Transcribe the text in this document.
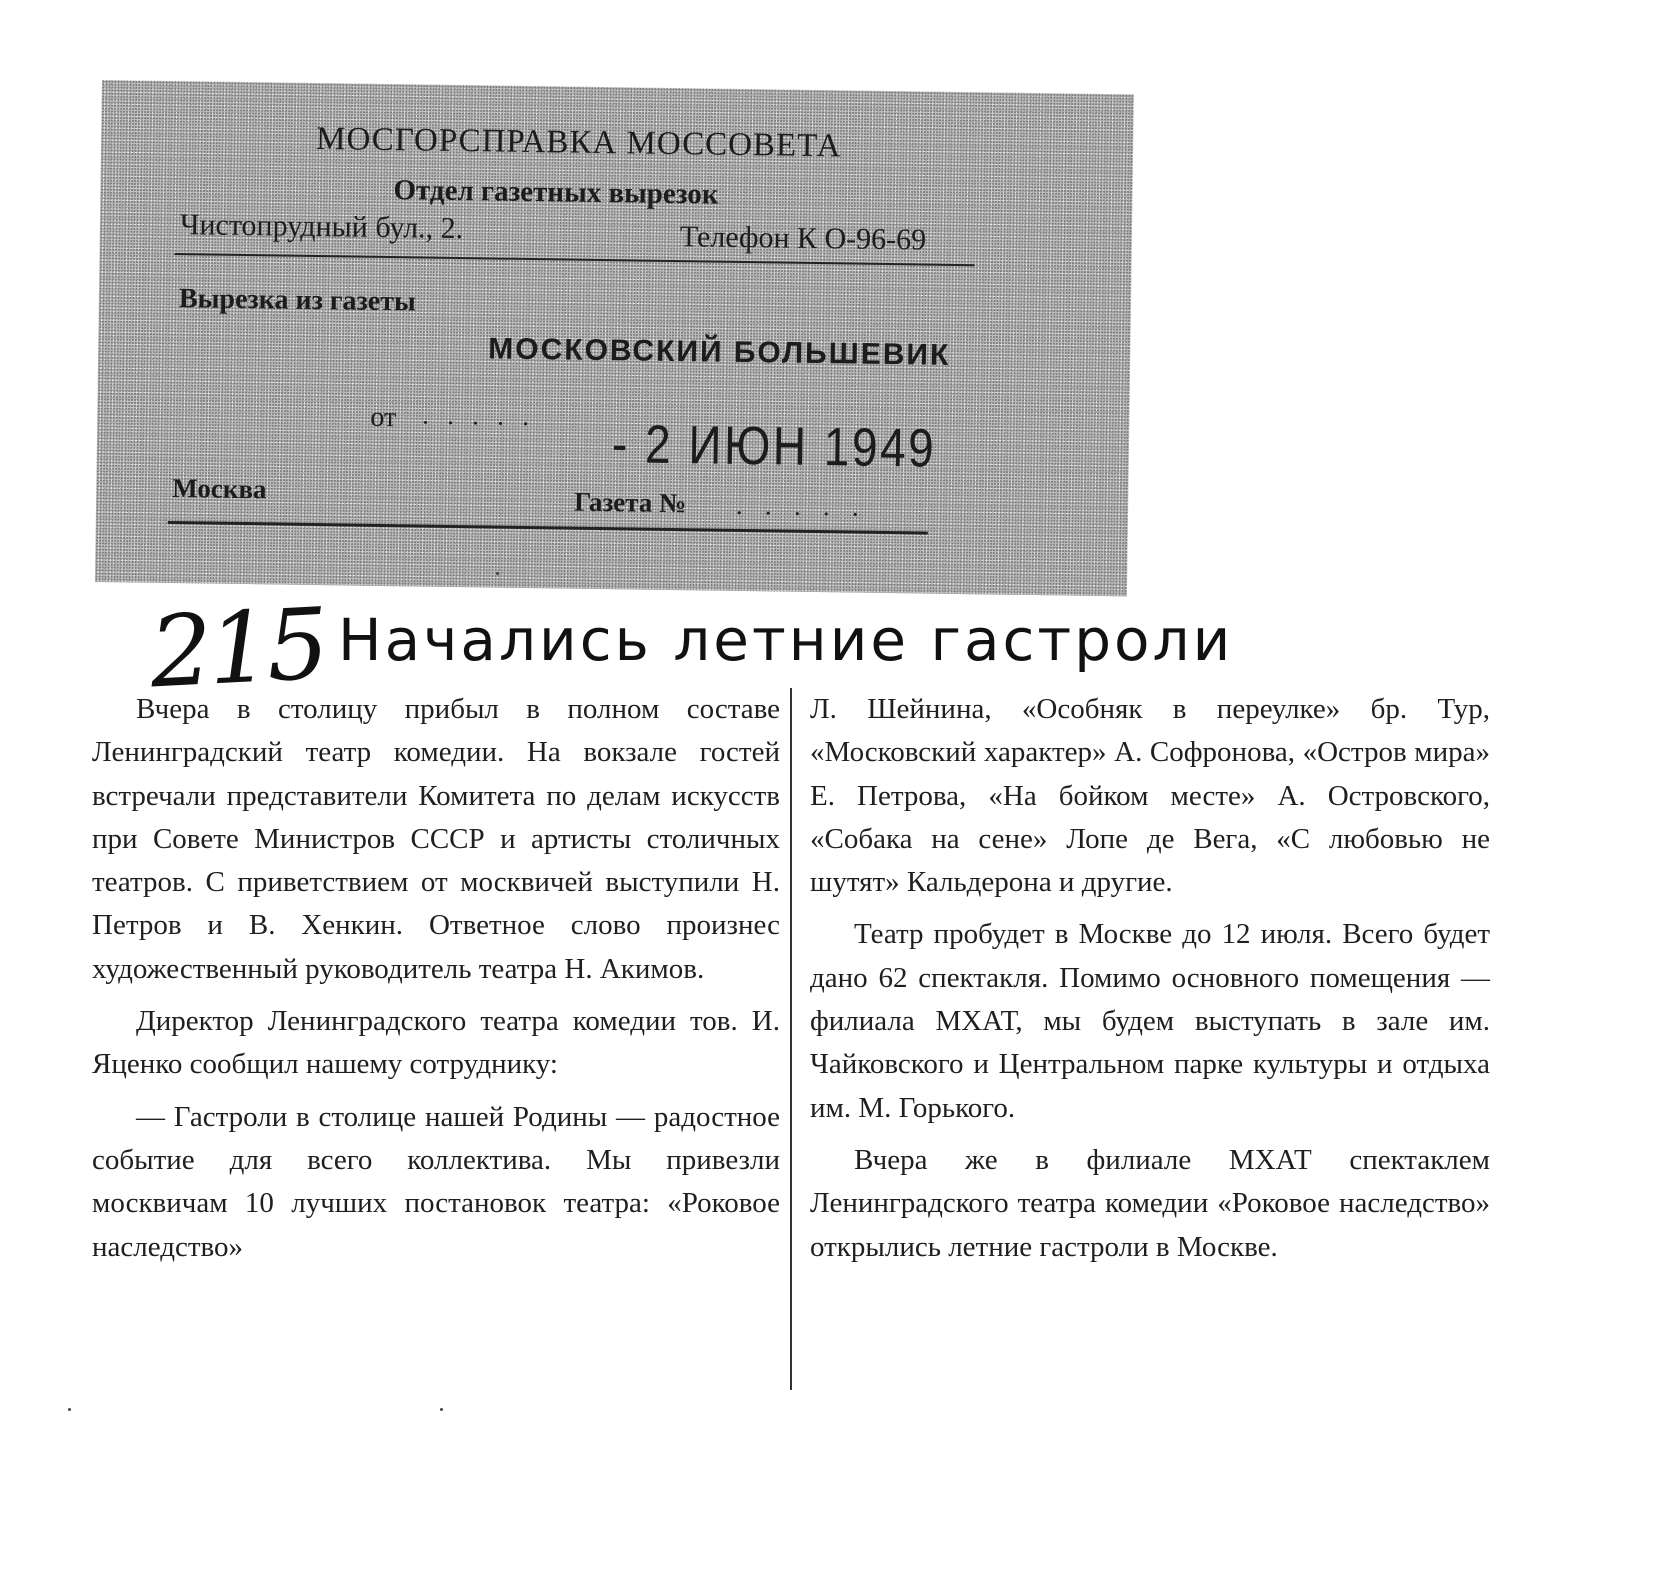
МОСГОРСПРАВКА МОССОВЕТА
Отдел газетных вырезок
Чистопрудный бул., 2.	Телефон К О-96-69
Вырезка из газеты
МОСКОВСКИЙ БОЛЬШЕВИК
от . . . . . - 2 ИЮН 1949
Москва	Газета № . . . . .
215 Начались летние гастроли

Вчера в столицу прибыл в полном составе Ленинградский театр комедии. На вокзале гостей встречали представители Комитета по делам искусств при Совете Министров СССР и артисты столичных театров. С приветствием от москвичей выступили Н. Петров и В. Хенкин. Ответное слово произнес художественный руководитель театра Н. Акимов.

Директор Ленинградского театра комедии тов. И. Яценко сообщил нашему сотруднику:

— Гастроли в столице нашей Родины — радостное событие для всего коллектива. Мы привезли москвичам 10 лучших постановок театра: «Роковое наследство»

Л. Шейнина, «Особняк в переулке» бр. Тур, «Московский характер» А. Софронова, «Остров мира» Е. Петрова, «На бойком месте» А. Островского, «Собака на сене» Лопе де Вега, «С любовью не шутят» Кальдерона и другие.

Театр пробудет в Москве до 12 июля. Всего будет дано 62 спектакля. Помимо основного помещения — филиала МХАТ, мы будем выступать в зале им. Чайковского и Центральном парке культуры и отдыха им. М. Горького.

Вчера же в филиале МХАТ спектаклем Ленинградского театра комедии «Роковое наследство» открылись летние гастроли в Москве.
